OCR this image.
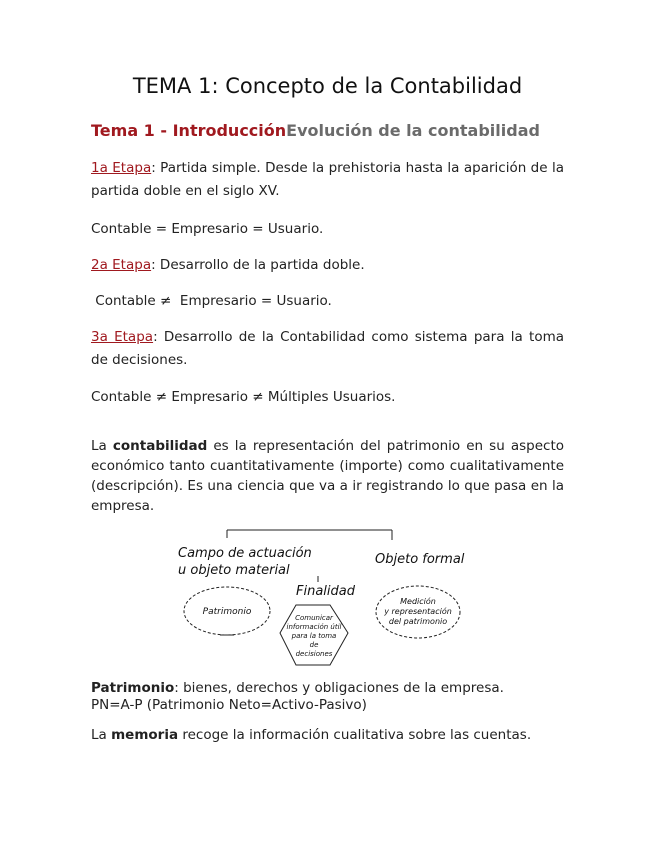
TEMA 1: Concepto de la Contabilidad
Tema 1 - IntroducciónEvolución de la contabilidad
1a Etapa: Partida simple. Desde la prehistoria hasta la aparición de la partida doble en el siglo XV.
Contable = Empresario = Usuario.
2a Etapa: Desarrollo de la partida doble.
Contable ≠  Empresario = Usuario.
3a Etapa: Desarrollo de la Contabilidad como sistema para la toma de decisiones.
Contable ≠ Empresario ≠ Múltiples Usuarios.
La contabilidad es la representación del patrimonio en su aspecto económico tanto cuantitativamente (importe) como cualitativamente (descripción). Es una ciencia que va a ir registrando lo que pasa en la empresa.
Campo de actuación
u objeto material
Objeto formal
Finalidad
Patrimonio
Comunicar
información útil
para la toma
de
decisiones
Medición
y representación
del patrimonio
Patrimonio: bienes, derechos y obligaciones de la empresa.
PN=A-P (Patrimonio Neto=Activo-Pasivo)
La memoria recoge la información cualitativa sobre las cuentas.
